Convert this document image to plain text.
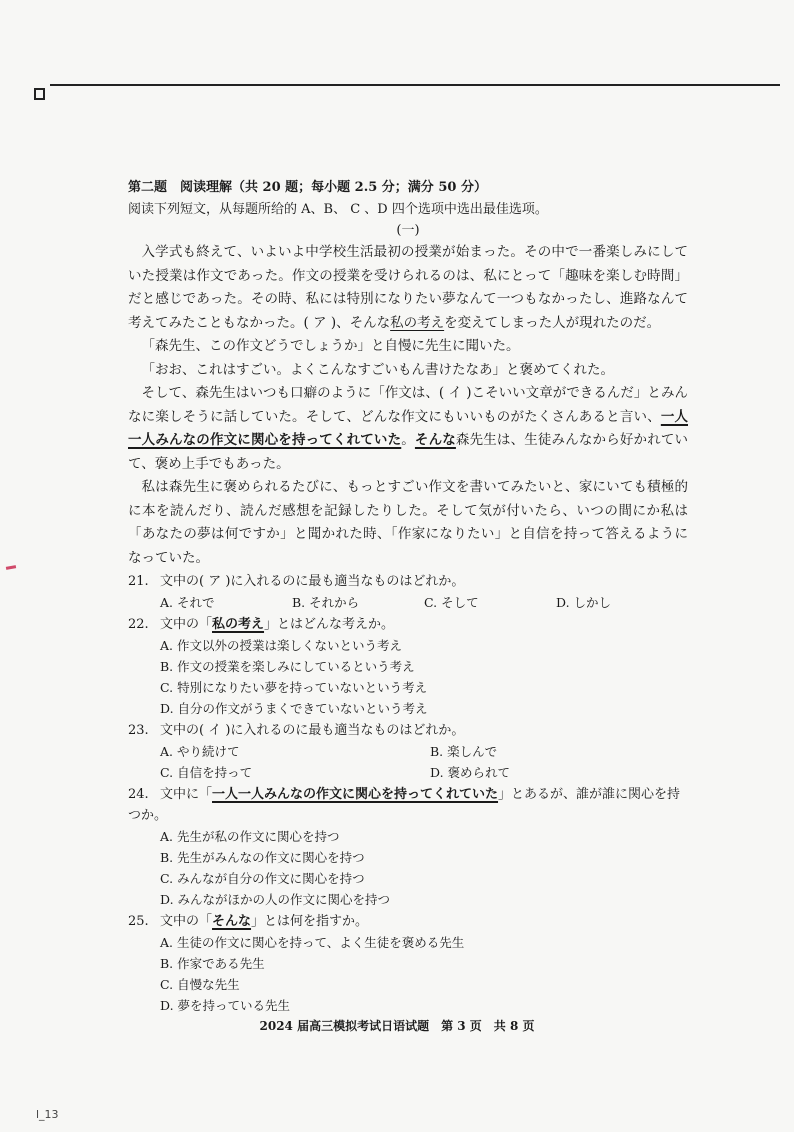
第二题　阅读理解（共 20 题；每小题 2.5 分；满分 50 分）

阅读下列短文，从每题所给的 A、B、 C 、D 四个选项中选出最佳选项。

(一)

入学式も終えて、いよいよ中学校生活最初の授業が始まった。その中で一番楽しみにしていた授業は作文であった。作文の授業を受けられるのは、私にとって「趣味を楽しむ時間」だと感じであった。その時、私には特別になりたい夢なんて一つもなかったし、進路なんて考えてみたこともなかった。( ア )、そんな私の考えを変えてしまった人が現れたのだ。

「森先生、この作文どうでしょうか」と自慢に先生に聞いた。

「おお、これはすごい。よくこんなすごいもん書けたなあ」と褒めてくれた。

そして、森先生はいつも口癖のように「作文は、( イ )こそいい文章ができるんだ」とみんなに楽しそうに話していた。そして、どんな作文にもいいものがたくさんあると言い、一人一人みんなの作文に関心を持ってくれていた。そんな森先生は、生徒みんなから好かれていて、褒め上手でもあった。

私は森先生に褒められるたびに、もっとすごい作文を書いてみたいと、家にいても積極的に本を読んだり、読んだ感想を記録したりした。そして気が付いたら、いつの間にか私は「あなたの夢は何ですか」と聞かれた時、「作家になりたい」と自信を持って答えるようになっていた。

21. 文中の( ア )に入れるのに最も適当なものはどれか。
A. それで	B. それから	C. そして	D. しかし
22. 文中の「私の考え」とはどんな考えか。
A. 作文以外の授業は楽しくないという考え
B. 作文の授業を楽しみにしているという考え
C. 特別になりたい夢を持っていないという考え
D. 自分の作文がうまくできていないという考え
23. 文中の( イ )に入れるのに最も適当なものはどれか。
A. やり続けて	B. 楽しんで
C. 自信を持って	D. 褒められて
24. 文中に「一人一人みんなの作文に関心を持ってくれていた」とあるが、誰が誰に関心を持つか。
A. 先生が私の作文に関心を持つ
B. 先生がみんなの作文に関心を持つ
C. みんなが自分の作文に関心を持つ
D. みんながほかの人の作文に関心を持つ
25. 文中の「そんな」とは何を指すか。
A. 生徒の作文に関心を持って、よく生徒を褒める先生
B. 作家である先生
C. 自慢な先生
D. 夢を持っている先生
2024 届高三模拟考试日语试题　第 3 页　共 8 页
l_13
